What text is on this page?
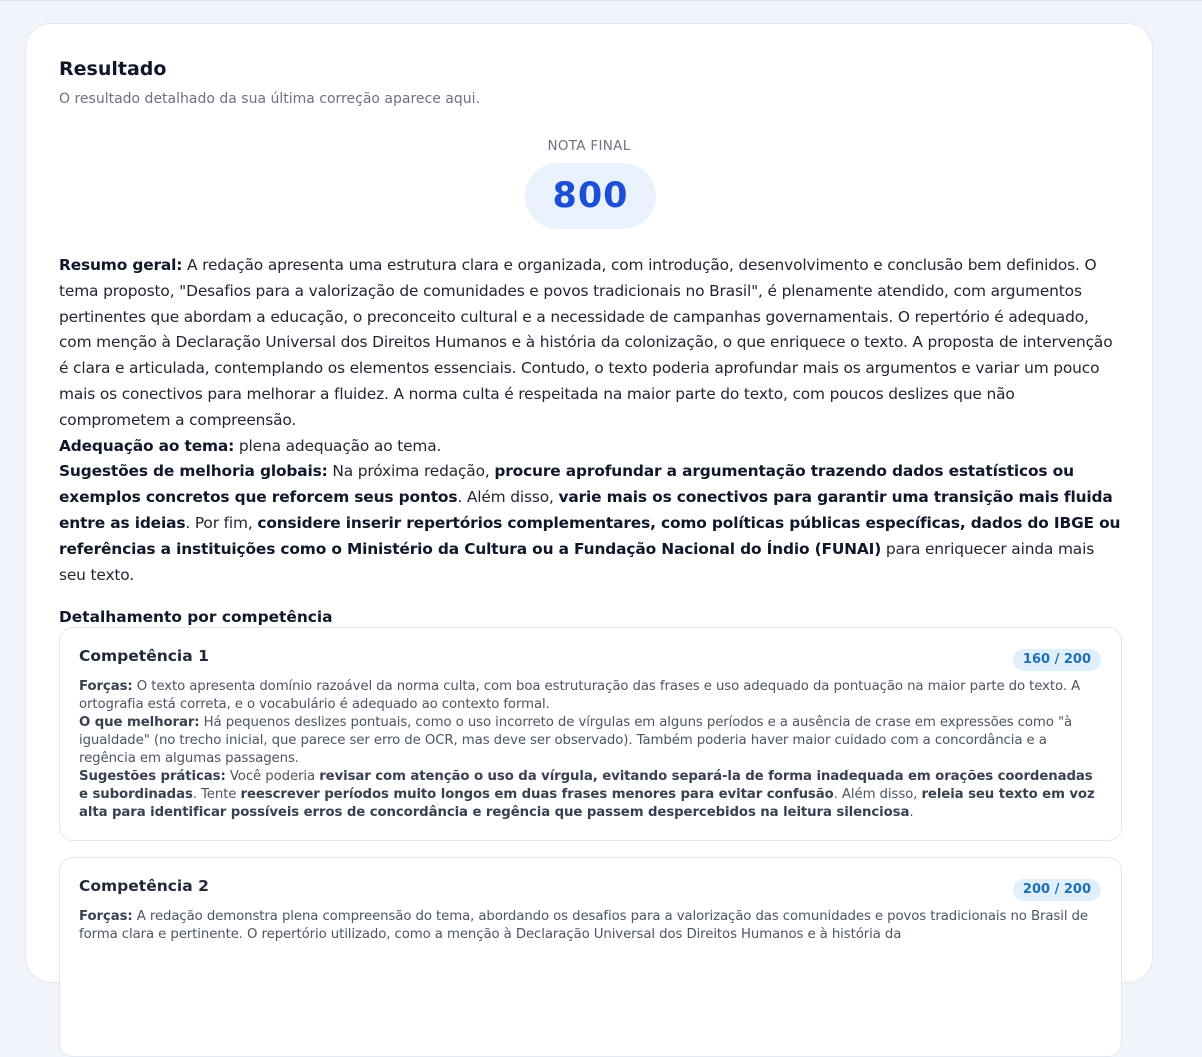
Resultado
O resultado detalhado da sua última correção aparece aqui.
NOTA FINAL
800
Resumo geral: A redação apresenta uma estrutura clara e organizada, com introdução, desenvolvimento e conclusão bem definidos. O tema proposto, "Desafios para a valorização de comunidades e povos tradicionais no Brasil", é plenamente atendido, com argumentos pertinentes que abordam a educação, o preconceito cultural e a necessidade de campanhas governamentais. O repertório é adequado, com menção à Declaração Universal dos Direitos Humanos e à história da colonização, o que enriquece o texto. A proposta de intervenção é clara e articulada, contemplando os elementos essenciais. Contudo, o texto poderia aprofundar mais os argumentos e variar um pouco mais os conectivos para melhorar a fluidez. A norma culta é respeitada na maior parte do texto, com poucos deslizes que não comprometem a compreensão.
Adequação ao tema: plena adequação ao tema.
Sugestões de melhoria globais: Na próxima redação, procure aprofundar a argumentação trazendo dados estatísticos ou exemplos concretos que reforcem seus pontos. Além disso, varie mais os conectivos para garantir uma transição mais fluida entre as ideias. Por fim, considere inserir repertórios complementares, como políticas públicas específicas, dados do IBGE ou referências a instituições como o Ministério da Cultura ou a Fundação Nacional do Índio (FUNAI) para enriquecer ainda mais seu texto.
Detalhamento por competência
Competência 1	160 / 200
Forças: O texto apresenta domínio razoável da norma culta, com boa estruturação das frases e uso adequado da pontuação na maior parte do texto. A ortografia está correta, e o vocabulário é adequado ao contexto formal.
O que melhorar: Há pequenos deslizes pontuais, como o uso incorreto de vírgulas em alguns períodos e a ausência de crase em expressões como "à igualdade" (no trecho inicial, que parece ser erro de OCR, mas deve ser observado). Também poderia haver maior cuidado com a concordância e a regência em algumas passagens.
Sugestões práticas: Você poderia revisar com atenção o uso da vírgula, evitando separá-la de forma inadequada em orações coordenadas e subordinadas. Tente reescrever períodos muito longos em duas frases menores para evitar confusão. Além disso, releia seu texto em voz alta para identificar possíveis erros de concordância e regência que passem despercebidos na leitura silenciosa.
Competência 2	200 / 200
Forças: A redação demonstra plena compreensão do tema, abordando os desafios para a valorização das comunidades e povos tradicionais no Brasil de forma clara e pertinente. O repertório utilizado, como a menção à Declaração Universal dos Direitos Humanos e à história da
